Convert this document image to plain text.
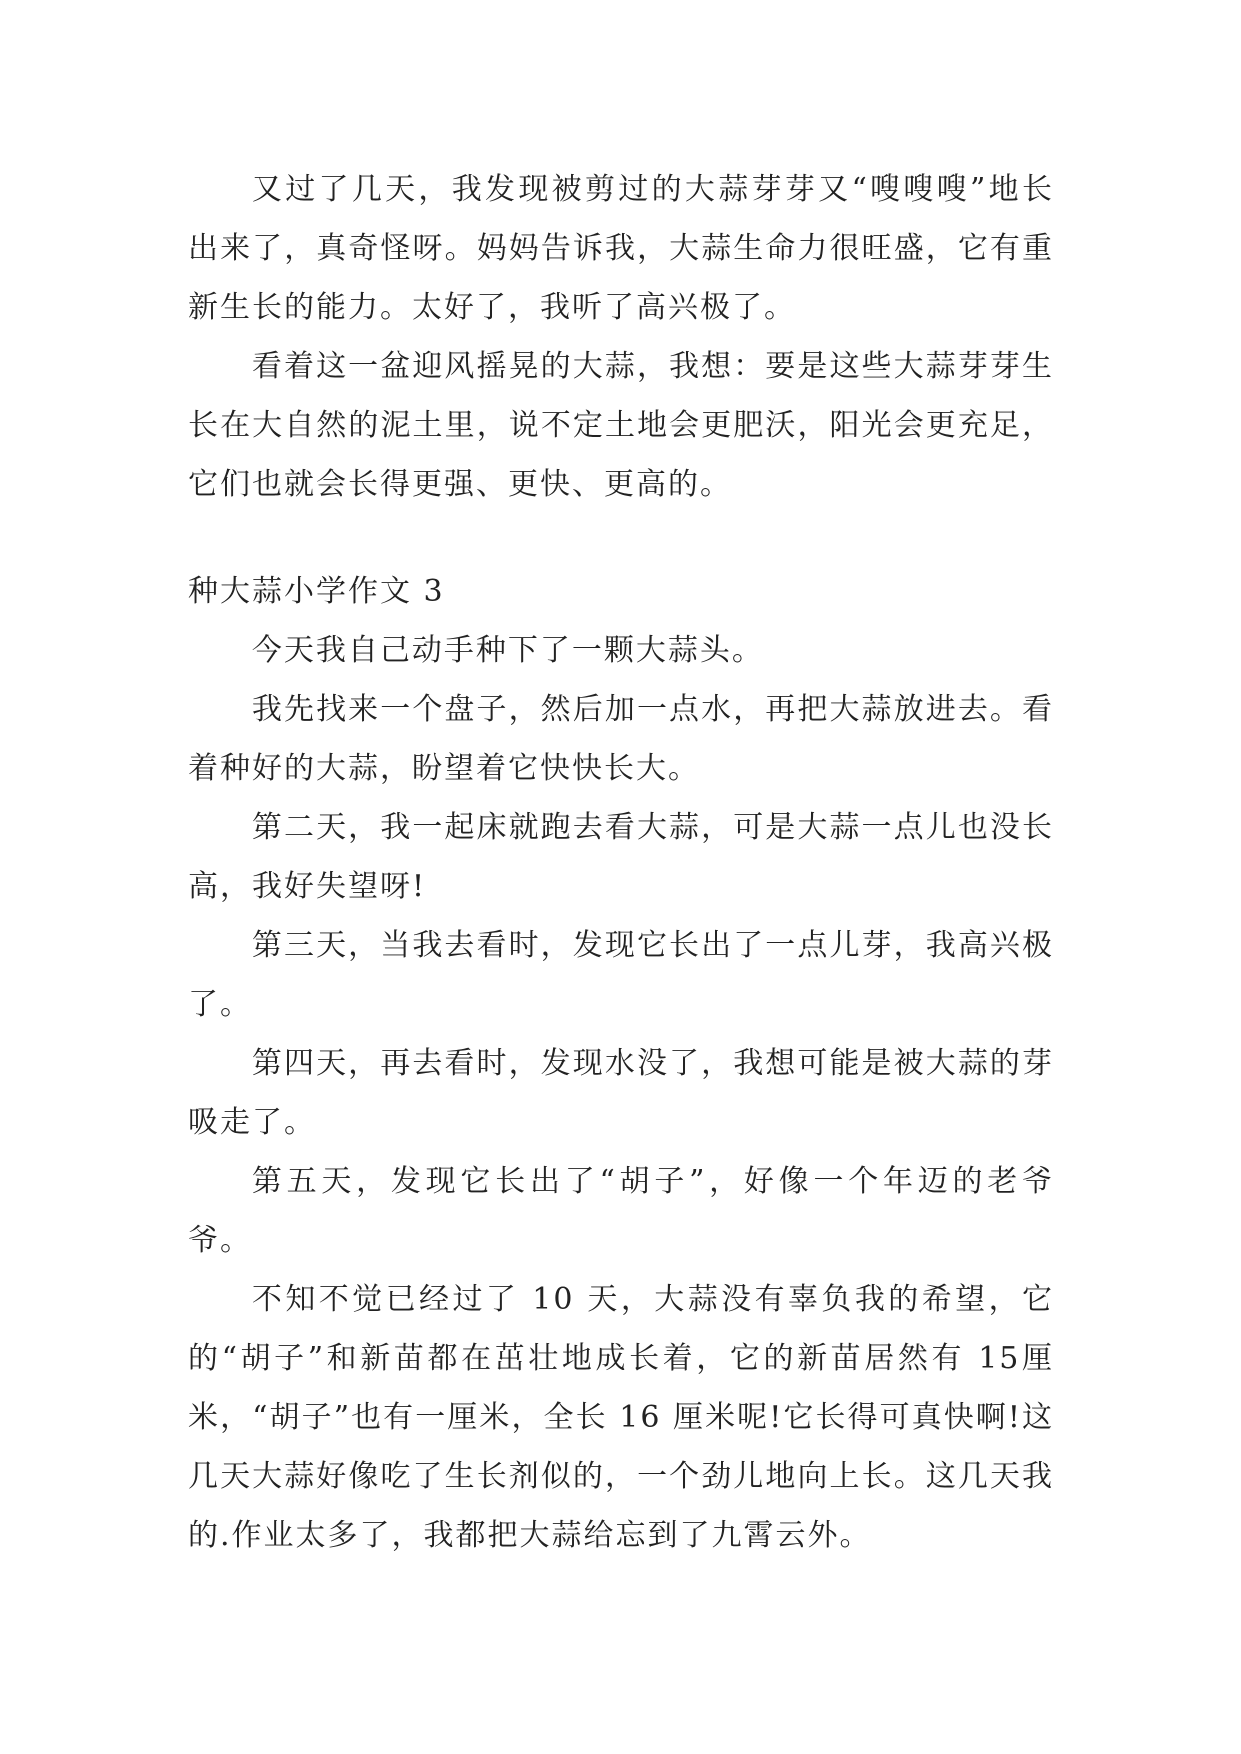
又过了几天，我发现被剪过的大蒜芽芽又“嗖嗖嗖”地长出来了，真奇怪呀。妈妈告诉我，大蒜生命力很旺盛，它有重新生长的能力。太好了，我听了高兴极了。

看着这一盆迎风摇晃的大蒜，我想：要是这些大蒜芽芽生长在大自然的泥土里，说不定土地会更肥沃，阳光会更充足，它们也就会长得更强、更快、更高的。

种大蒜小学作文 3

今天我自己动手种下了一颗大蒜头。

我先找来一个盘子，然后加一点水，再把大蒜放进去。看着种好的大蒜，盼望着它快快长大。

第二天，我一起床就跑去看大蒜，可是大蒜一点儿也没长高，我好失望呀!

第三天，当我去看时，发现它长出了一点儿芽，我高兴极了。

第四天，再去看时，发现水没了，我想可能是被大蒜的芽吸走了。

第五天，发现它长出了“胡子”，好像一个年迈的老爷爷。

不知不觉已经过了 10 天，大蒜没有辜负我的希望，它的“胡子”和新苗都在茁壮地成长着，它的新苗居然有 15厘米，“胡子”也有一厘米，全长 16 厘米呢!它长得可真快啊!这几天大蒜好像吃了生长剂似的，一个劲儿地向上长。这几天我的.作业太多了，我都把大蒜给忘到了九霄云外。
